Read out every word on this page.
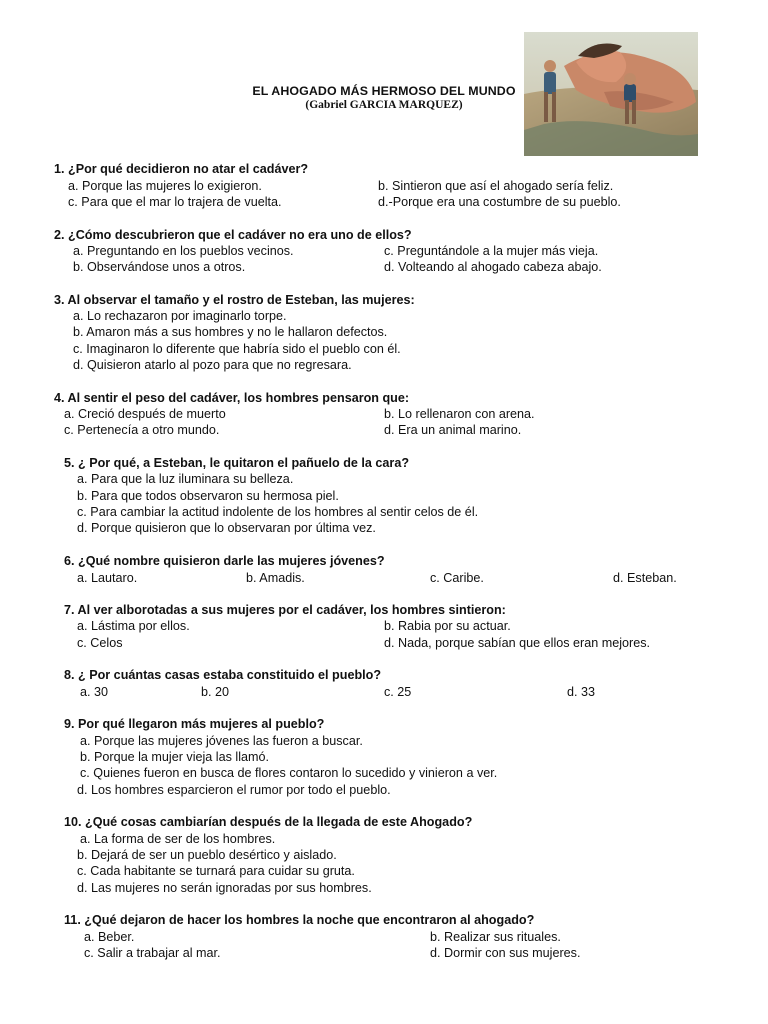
EL AHOGADO MÁS HERMOSO DEL MUNDO
(Gabriel GARCIA MARQUEZ)
1. ¿Por qué decidieron no atar el cadáver?
a. Porque las mujeres lo exigieron.	b. Sintieron que así el ahogado sería feliz.
c. Para que el mar lo trajera de vuelta.	d.-Porque era una costumbre de su pueblo.
2. ¿Cómo descubrieron que el cadáver no era uno de ellos?
a. Preguntando en los pueblos vecinos.	c. Preguntándole a la mujer más vieja.
b. Observándose unos a otros.	d. Volteando al ahogado cabeza abajo.
3. Al observar el tamaño y el rostro de Esteban, las mujeres:
a. Lo rechazaron por imaginarlo torpe.
b. Amaron más a sus hombres y no le hallaron defectos.
c. Imaginaron lo diferente que habría sido el pueblo con él.
d. Quisieron atarlo al pozo para que no regresara.
4. Al sentir el peso del cadáver, los hombres pensaron que:
a. Creció después de muerto	b. Lo rellenaron con arena.
c. Pertenecía a otro mundo.	d. Era un animal marino.
5. ¿ Por qué, a Esteban, le quitaron el pañuelo de la cara?
a. Para que la luz iluminara su belleza.
b. Para que todos observaron su hermosa piel.
c. Para cambiar la actitud indolente de los hombres al sentir celos de él.
d. Porque quisieron que lo observaran por última vez.
6. ¿Qué nombre quisieron darle las mujeres jóvenes?
a. Lautaro.	b. Amadis.	c. Caribe.	d. Esteban.
7. Al ver alborotadas a sus mujeres por el cadáver, los hombres sintieron:
a. Lástima por ellos.	b. Rabia por su actuar.
c. Celos	d. Nada, porque sabían que ellos eran mejores.
8. ¿ Por cuántas casas estaba constituido el pueblo?
a. 30	b. 20	c. 25	d. 33
9. Por qué llegaron más mujeres al pueblo?
a. Porque las mujeres jóvenes las fueron a buscar.
b. Porque la mujer vieja las llamó.
c. Quienes fueron en busca de flores contaron lo sucedido y vinieron a ver.
d. Los hombres esparcieron el rumor por todo el pueblo.
10. ¿Qué cosas cambiarían después de la llegada de este Ahogado?
a. La forma de ser de los hombres.
b. Dejará de ser un pueblo desértico y aislado.
c. Cada habitante se turnará para cuidar su gruta.
d. Las mujeres no serán ignoradas por sus hombres.
11. ¿Qué dejaron de hacer los hombres la noche que encontraron al ahogado?
a. Beber.	b. Realizar sus rituales.
c. Salir a trabajar al mar.	d. Dormir con sus mujeres.
